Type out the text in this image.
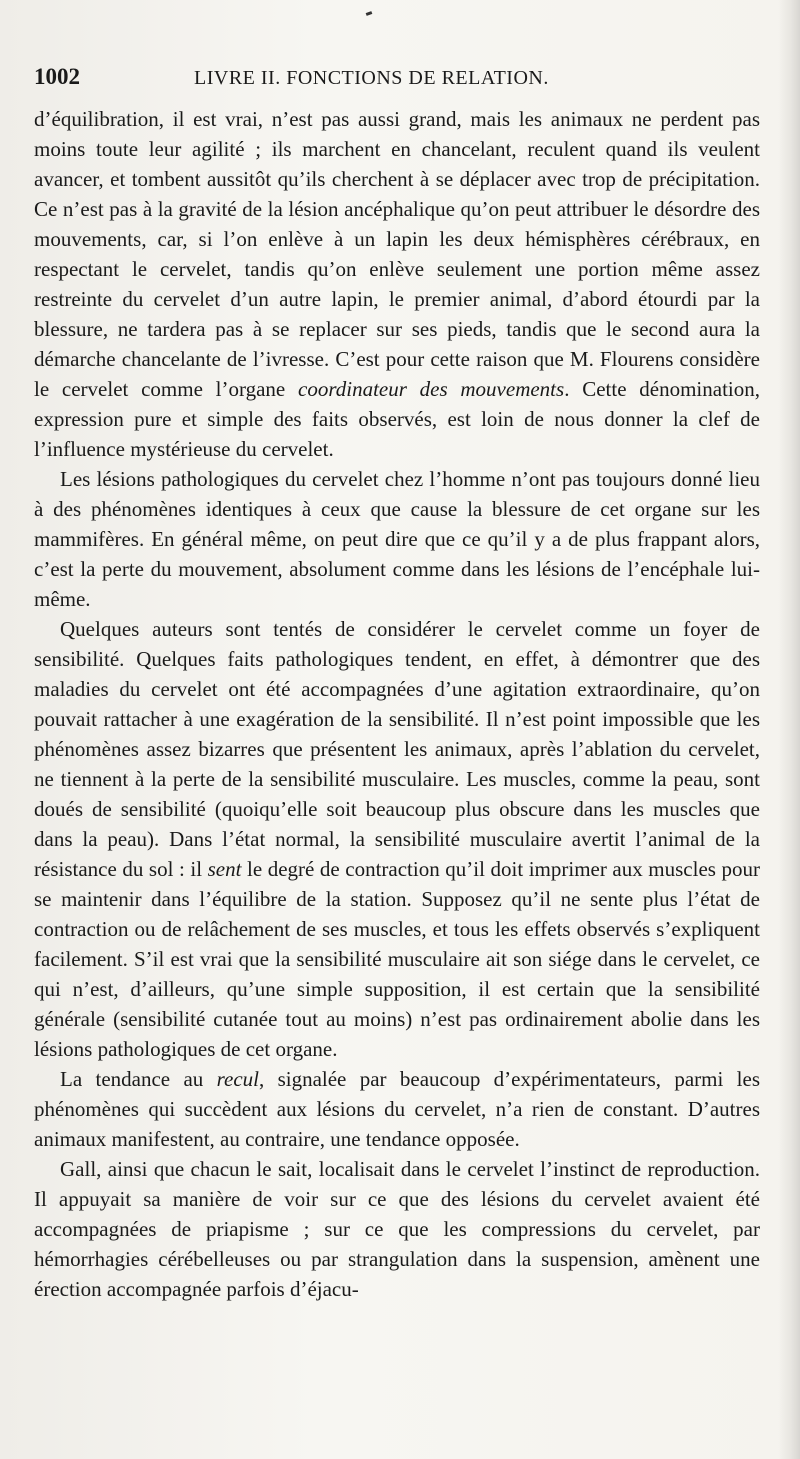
1002	LIVRE II. FONCTIONS DE RELATION.

d’équilibration, il est vrai, n’est pas aussi grand, mais les animaux ne perdent pas moins toute leur agilité ; ils marchent en chancelant, reculent quand ils veulent avancer, et tombent aussitôt qu’ils cherchent à se déplacer avec trop de précipitation. Ce n’est pas à la gravité de la lésion ancéphalique qu’on peut attribuer le désordre des mouvements, car, si l’on enlève à un lapin les deux hémisphères cérébraux, en respectant le cervelet, tandis qu’on enlève seulement une portion même assez restreinte du cervelet d’un autre lapin, le premier animal, d’abord étourdi par la blessure, ne tardera pas à se replacer sur ses pieds, tandis que le second aura la démarche chancelante de l’ivresse. C’est pour cette raison que M. Flourens considère le cervelet comme l’organe coordinateur des mouvements. Cette dénomination, expression pure et simple des faits observés, est loin de nous donner la clef de l’influence mystérieuse du cervelet.

Les lésions pathologiques du cervelet chez l’homme n’ont pas toujours donné lieu à des phénomènes identiques à ceux que cause la blessure de cet organe sur les mammifères. En général même, on peut dire que ce qu’il y a de plus frappant alors, c’est la perte du mouvement, absolument comme dans les lésions de l’encéphale lui-même.

Quelques auteurs sont tentés de considérer le cervelet comme un foyer de sensibilité. Quelques faits pathologiques tendent, en effet, à démontrer que des maladies du cervelet ont été accompagnées d’une agitation extraordinaire, qu’on pouvait rattacher à une exagération de la sensibilité. Il n’est point impossible que les phénomènes assez bizarres que présentent les animaux, après l’ablation du cervelet, ne tiennent à la perte de la sensibilité musculaire. Les muscles, comme la peau, sont doués de sensibilité (quoiqu’elle soit beaucoup plus obscure dans les muscles que dans la peau). Dans l’état normal, la sensibilité musculaire avertit l’animal de la résistance du sol : il sent le degré de contraction qu’il doit imprimer aux muscles pour se maintenir dans l’équilibre de la station. Supposez qu’il ne sente plus l’état de contraction ou de relâchement de ses muscles, et tous les effets observés s’expliquent facilement. S’il est vrai que la sensibilité musculaire ait son siége dans le cervelet, ce qui n’est, d’ailleurs, qu’une simple supposition, il est certain que la sensibilité générale (sensibilité cutanée tout au moins) n’est pas ordinairement abolie dans les lésions pathologiques de cet organe.

La tendance au recul, signalée par beaucoup d’expérimentateurs, parmi les phénomènes qui succèdent aux lésions du cervelet, n’a rien de constant. D’autres animaux manifestent, au contraire, une tendance opposée.

Gall, ainsi que chacun le sait, localisait dans le cervelet l’instinct de reproduction. Il appuyait sa manière de voir sur ce que des lésions du cervelet avaient été accompagnées de priapisme ; sur ce que les compressions du cervelet, par hémorrhagies cérébelleuses ou par strangulation dans la suspension, amènent une érection accompagnée parfois d’éjacu-
